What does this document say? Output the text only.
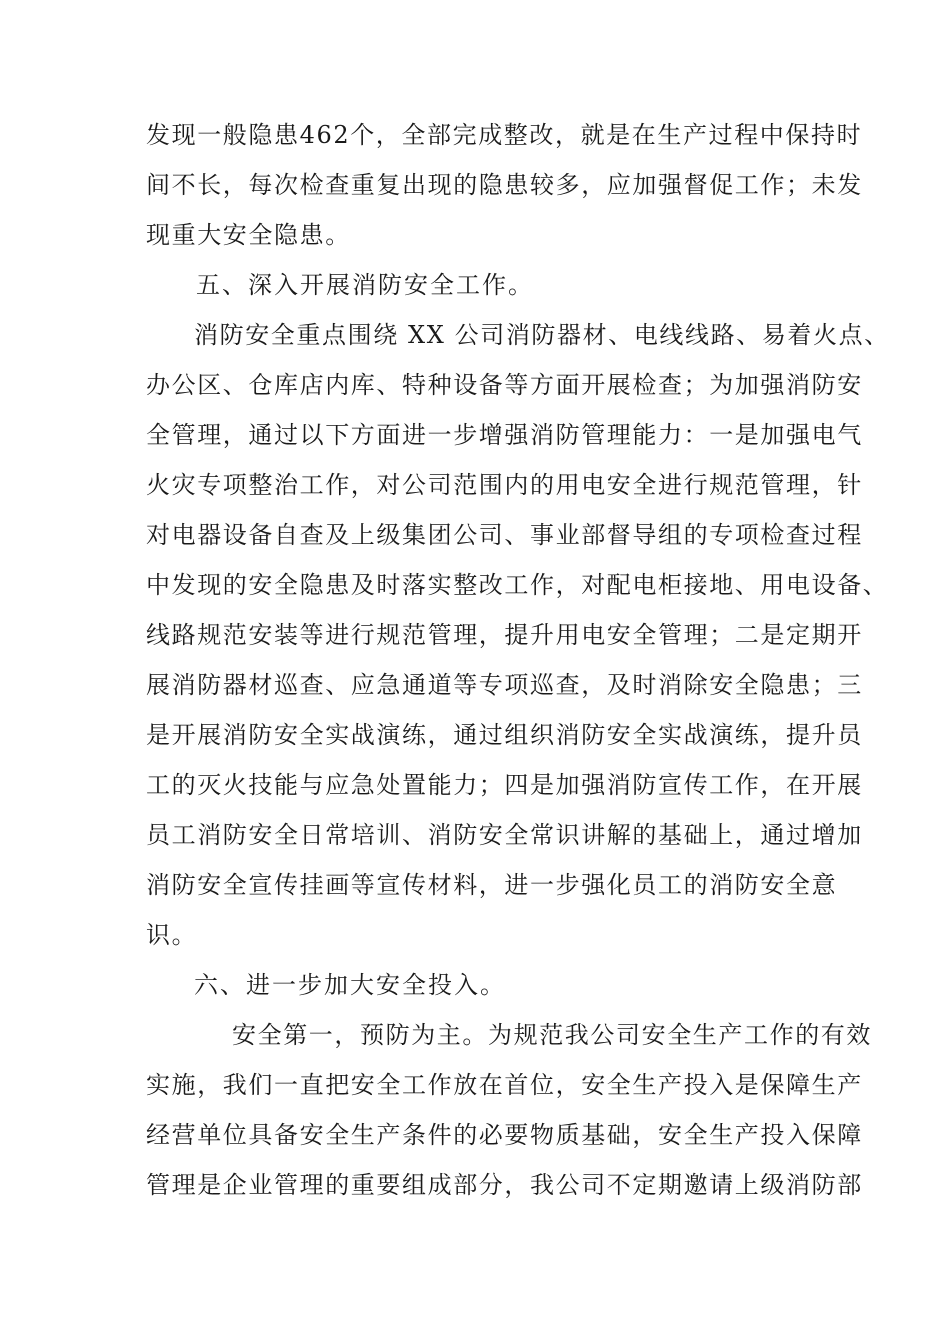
发现一般隐患462个，全部完成整改，就是在生产过程中保持时
间不长，每次检查重复出现的隐患较多，应加强督促工作；未发
现重大安全隐患。
五、深入开展消防安全工作。
消防安全重点围绕 XX 公司消防器材、电线线路、易着火点、
办公区、仓库店内库、特种设备等方面开展检查；为加强消防安
全管理，通过以下方面进一步增强消防管理能力：一是加强电气
火灾专项整治工作，对公司范围内的用电安全进行规范管理，针
对电器设备自查及上级集团公司、事业部督导组的专项检查过程
中发现的安全隐患及时落实整改工作，对配电柜接地、用电设备、
线路规范安装等进行规范管理，提升用电安全管理；二是定期开
展消防器材巡查、应急通道等专项巡查，及时消除安全隐患；三
是开展消防安全实战演练，通过组织消防安全实战演练，提升员
工的灭火技能与应急处置能力；四是加强消防宣传工作，在开展
员工消防安全日常培训、消防安全常识讲解的基础上，通过增加
消防安全宣传挂画等宣传材料，进一步强化员工的消防安全意
识。
六、进一步加大安全投入。
安全第一，预防为主。为规范我公司安全生产工作的有效
实施，我们一直把安全工作放在首位，安全生产投入是保障生产
经营单位具备安全生产条件的必要物质基础，安全生产投入保障
管理是企业管理的重要组成部分，我公司不定期邀请上级消防部
